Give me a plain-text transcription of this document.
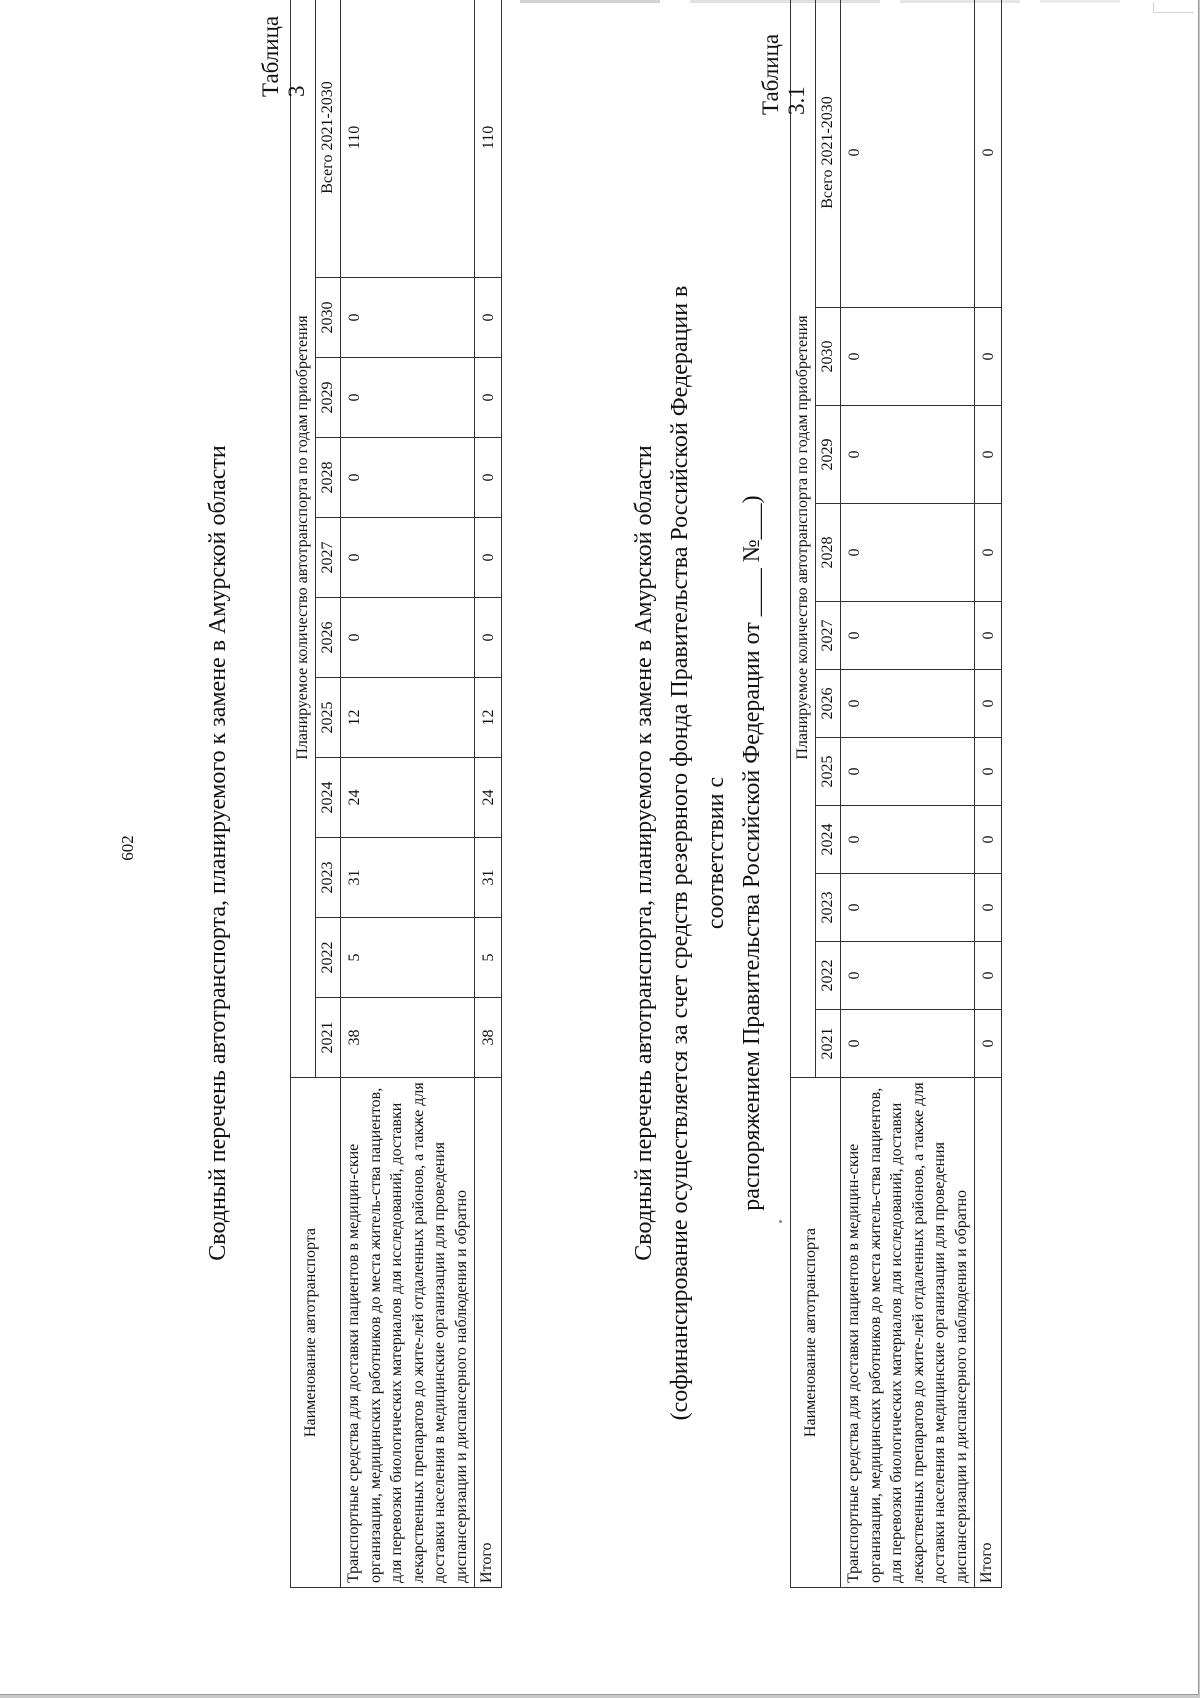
602	Сводный перечень автотранспорта, планируемого к замене в Амурской области
Наименование автотранспорта	Планируемое количество автотранспорта по годам приобретения										
	2021	2022	2023	2024	2025	2026	2027	2028	2029	2030	Всего 2021-2030
Транспортные средства для доставки пациентов в медицин-ские организации, медицинских работников до места житель-ства пациентов, для перевозки биологических материалов для исследований, доставки лекарственных препаратов до жите-лей отдаленных районов, а также для доставки населения в медицинские организации для проведения диспансеризации и диспансерного наблюдения и обратно	38	5	31	24	12	0	0	0	0	0	110
Итого	38	5	31	24	12	0	0	0	0	0	110
Сводный перечень автотранспорта, планируемого к замене в Амурской области (софинансирование осуществляется за счет средств резервного фонда Правительства Российской Федерации в соответствии с распоряжением Правительства Российской Федерации от ____ №___)
Наименование автотранспорта	Планируемое количество автотранспорта по годам приобретения										
	2021	2022	2023	2024	2025	2026	2027	2028	2029	2030	Всего 2021-2030
Транспортные средства для доставки пациентов в медицин-ские организации, медицинских работников до места житель-ства пациентов, для перевозки биологических материалов для исследований, доставки лекарственных препаратов до жите-лей отдаленных районов, а также для доставки населения в медицинские организации для проведения диспансеризации и диспансерного наблюдения и обратно	0	0	0	0	0	0	0	0	0	0	0
Итого	0	0	0	0	0	0	0	0	0	0	0
Таблица 3	Таблица 3.1
